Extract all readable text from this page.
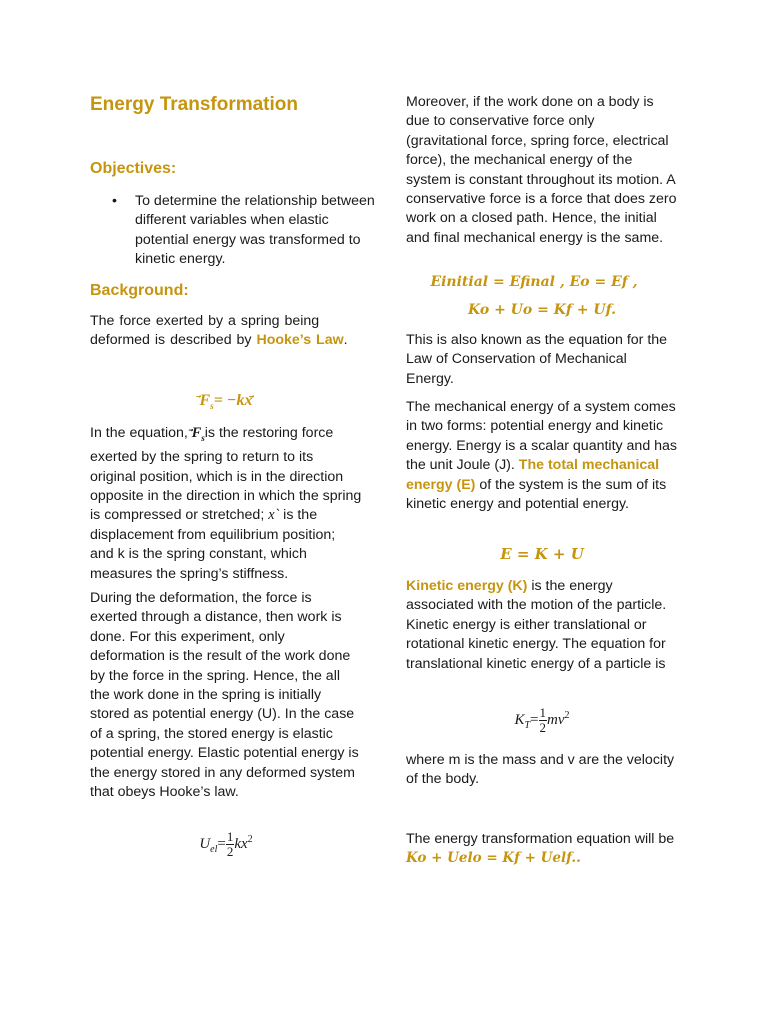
Energy Transformation
Objectives:
• To determine the relationship between different variables when elastic potential energy was transformed to kinetic energy.
Background:

The force exerted by a spring being deformed is described by Hooke’s Law.

$F_s= -kx$

In the equation, $F_sis$ the restoring force exerted by the spring to return to its original position, which is in the direction opposite in the direction in which the spring is compressed or stretched; x` is the displacement from equilibrium position; and k is the spring constant, which measures the spring’s stiffness.

During the deformation, the force is exerted through a distance, then work is done. For this experiment, only deformation is the result of the work done by the force in the spring. Hence, the all the work done in the spring is initially stored as potential energy (U). In the case of a spring, the stored energy is elastic potential energy. Elastic potential energy is the energy stored in any deformed system that obeys Hooke’s law.

$U_{el}= \frac{1}{2} kx^2$

Moreover, if the work done on a body is due to conservative force only (gravitational force, spring force, electrical force), the mechanical energy of the system is constant throughout its motion. A conservative force is a force that does zero work on a closed path. Hence, the initial and final mechanical energy is the same.

Einitial = Efinal , Eo = Ef ,
Ko + Uo = Kf + Uf.

This is also known as the equation for the Law of Conservation of Mechanical Energy.

The mechanical energy of a system comes in two forms: potential energy and kinetic energy. Energy is a scalar quantity and has the unit Joule (J). The total mechanical energy (E) of the system is the sum of its kinetic energy and potential energy.

E = K + U

Kinetic energy (K) is the energy associated with the motion of the particle. Kinetic energy is either translational or rotational kinetic energy. The equation for translational kinetic energy of a particle is

$K_T= \frac{1}{2} mv^2$

where m is the mass and v are the velocity of the body.

The energy transformation equation will be Ko + Uelo = Kf + Uelf..
